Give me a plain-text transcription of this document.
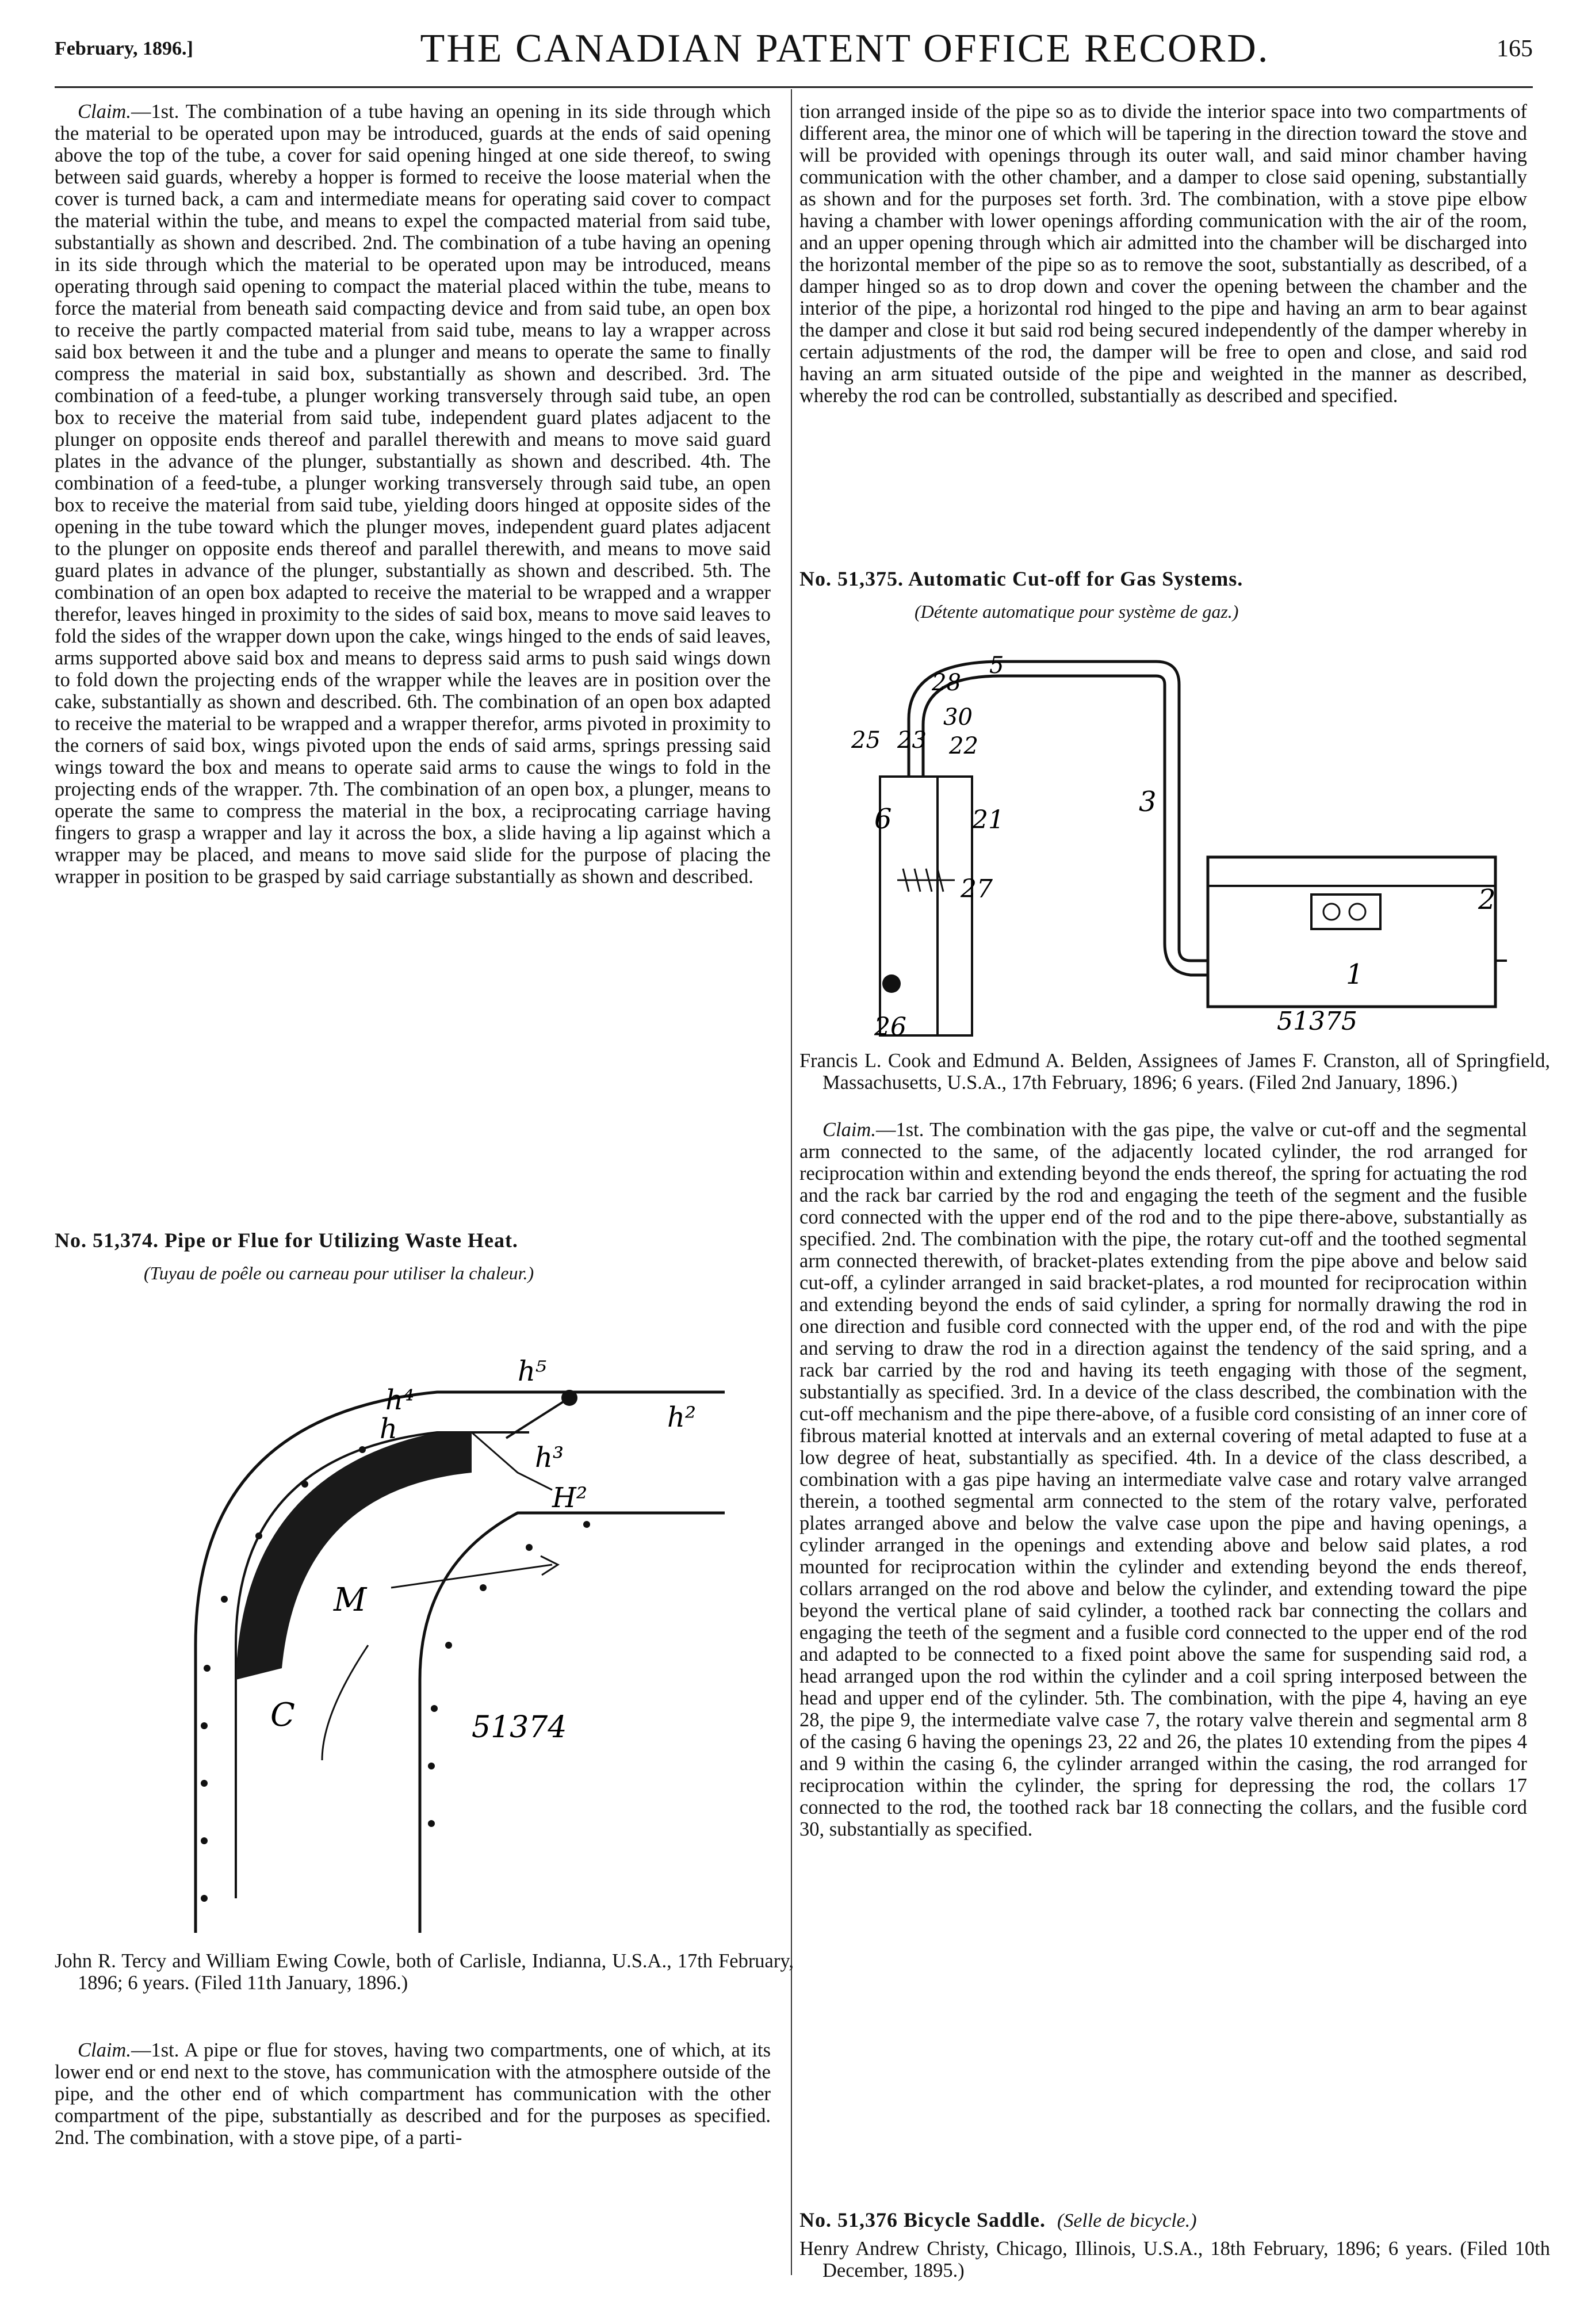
February, 1896.]	THE CANADIAN PATENT OFFICE RECORD.	165
Claim.—1st. The combination of a tube having an opening in its side through which the material to be operated upon may be introduced, guards at the ends of said opening above the top of the tube, a cover for said opening hinged at one side thereof, to swing between said guards, whereby a hopper is formed to receive the loose material when the cover is turned back, a cam and intermediate means for operating said cover to compact the material within the tube, and means to expel the compacted material from said tube, substantially as shown and described. 2nd. The combination of a tube having an opening in its side through which the material to be operated upon may be introduced, means operating through said opening to compact the material placed within the tube, means to force the material from beneath said compacting device and from said tube, an open box to receive the partly compacted material from said tube, means to lay a wrapper across said box between it and the tube and a plunger and means to operate the same to finally compress the material in said box, substantially as shown and described. 3rd. The combination of a feed-tube, a plunger working transversely through said tube, an open box to receive the material from said tube, independent guard plates adjacent to the plunger on opposite ends thereof and parallel therewith and means to move said guard plates in the advance of the plunger, substantially as shown and described. 4th. The combination of a feed-tube, a plunger working transversely through said tube, an open box to receive the material from said tube, yielding doors hinged at opposite sides of the opening in the tube toward which the plunger moves, independent guard plates adjacent to the plunger on opposite ends thereof and parallel therewith, and means to move said guard plates in advance of the plunger, substantially as shown and described. 5th. The combination of an open box adapted to receive the material to be wrapped and a wrapper therefor, leaves hinged in proximity to the sides of said box, means to move said leaves to fold the sides of the wrapper down upon the cake, wings hinged to the ends of said leaves, arms supported above said box and means to depress said arms to push said wings down to fold down the projecting ends of the wrapper while the leaves are in position over the cake, substantially as shown and described. 6th. The combination of an open box adapted to receive the material to be wrapped and a wrapper therefor, arms pivoted in proximity to the corners of said box, wings pivoted upon the ends of said arms, springs pressing said wings toward the box and means to operate said arms to cause the wings to fold in the projecting ends of the wrapper. 7th. The combination of an open box, a plunger, means to operate the same to compress the material in the box, a reciprocating carriage having fingers to grasp a wrapper and lay it across the box, a slide having a lip against which a wrapper may be placed, and means to move said slide for the purpose of placing the wrapper in position to be grasped by said carriage substantially as shown and described.
No. 51,374. Pipe or Flue for Utilizing Waste Heat.
(Tuyau de poêle ou carneau pour utiliser la chaleur.)
h⁴
h⁵
h	h²
h³
H²
M
C	51374
John R. Tercy and William Ewing Cowle, both of Carlisle, Indianna, U.S.A., 17th February, 1896; 6 years. (Filed 11th January, 1896.)
Claim.—1st. A pipe or flue for stoves, having two compartments, one of which, at its lower end or end next to the stove, has communication with the atmosphere outside of the pipe, and the other end of which compartment has communication with the other compartment of the pipe, substantially as described and for the purposes as specified. 2nd. The combination, with a stove pipe, of a parti-
tion arranged inside of the pipe so as to divide the interior space into two compartments of different area, the minor one of which will be tapering in the direction toward the stove and will be provided with openings through its outer wall, and said minor chamber having communication with the other chamber, and a damper to close said opening, substantially as shown and for the purposes set forth. 3rd. The combination, with a stove pipe elbow having a chamber with lower openings affording communication with the air of the room, and an upper opening through which air admitted into the chamber will be discharged into the horizontal member of the pipe so as to remove the soot, substantially as described, of a damper hinged so as to drop down and cover the opening between the chamber and the interior of the pipe, a horizontal rod hinged to the pipe and having an arm to bear against the damper and close it but said rod being secured independently of the damper whereby in certain adjustments of the rod, the damper will be free to open and close, and said rod having an arm situated outside of the pipe and weighted in the manner as described, whereby the rod can be controlled, substantially as described and specified.
No. 51,375. Automatic Cut-off for Gas Systems.
(Détente automatique pour système de gaz.)
28
5
30
25 23 22
3
6	21
27	2
1
26	51375
Francis L. Cook and Edmund A. Belden, Assignees of James F. Cranston, all of Springfield, Massachusetts, U.S.A., 17th February, 1896; 6 years. (Filed 2nd January, 1896.)
Claim.—1st. The combination with the gas pipe, the valve or cut-off and the segmental arm connected to the same, of the adjacently located cylinder, the rod arranged for reciprocation within and extending beyond the ends thereof, the spring for actuating the rod and the rack bar carried by the rod and engaging the teeth of the segment and the fusible cord connected with the upper end of the rod and to the pipe there-above, substantially as specified. 2nd. The combination with the pipe, the rotary cut-off and the toothed segmental arm connected therewith, of bracket-plates extending from the pipe above and below said cut-off, a cylinder arranged in said bracket-plates, a rod mounted for reciprocation within and extending beyond the ends of said cylinder, a spring for normally drawing the rod in one direction and fusible cord connected with the upper end, of the rod and with the pipe and serving to draw the rod in a direction against the tendency of the said spring, and a rack bar carried by the rod and having its teeth engaging with those of the segment, substantially as specified. 3rd. In a device of the class described, the combination with the cut-off mechanism and the pipe there-above, of a fusible cord consisting of an inner core of fibrous material knotted at intervals and an external covering of metal adapted to fuse at a low degree of heat, substantially as specified. 4th. In a device of the class described, a combination with a gas pipe having an intermediate valve case and rotary valve arranged therein, a toothed segmental arm connected to the stem of the rotary valve, perforated plates arranged above and below the valve case upon the pipe and having openings, a cylinder arranged in the openings and extending above and below said plates, a rod mounted for reciprocation within the cylinder and extending beyond the ends thereof, collars arranged on the rod above and below the cylinder, and extending toward the pipe beyond the vertical plane of said cylinder, a toothed rack bar connecting the collars and engaging the teeth of the segment and a fusible cord connected to the upper end of the rod and adapted to be connected to a fixed point above the same for suspending said rod, a head arranged upon the rod within the cylinder and a coil spring interposed between the head and upper end of the cylinder. 5th. The combination, with the pipe 4, having an eye 28, the pipe 9, the intermediate valve case 7, the rotary valve therein and segmental arm 8 of the casing 6 having the openings 23, 22 and 26, the plates 10 extending from the pipes 4 and 9 within the casing 6, the cylinder arranged within the casing, the rod arranged for reciprocation within the cylinder, the spring for depressing the rod, the collars 17 connected to the rod, the toothed rack bar 18 connecting the collars, and the fusible cord 30, substantially as specified.
No. 51,376 Bicycle Saddle. (Selle de bicycle.)
Henry Andrew Christy, Chicago, Illinois, U.S.A., 18th February, 1896; 6 years. (Filed 10th December, 1895.)
